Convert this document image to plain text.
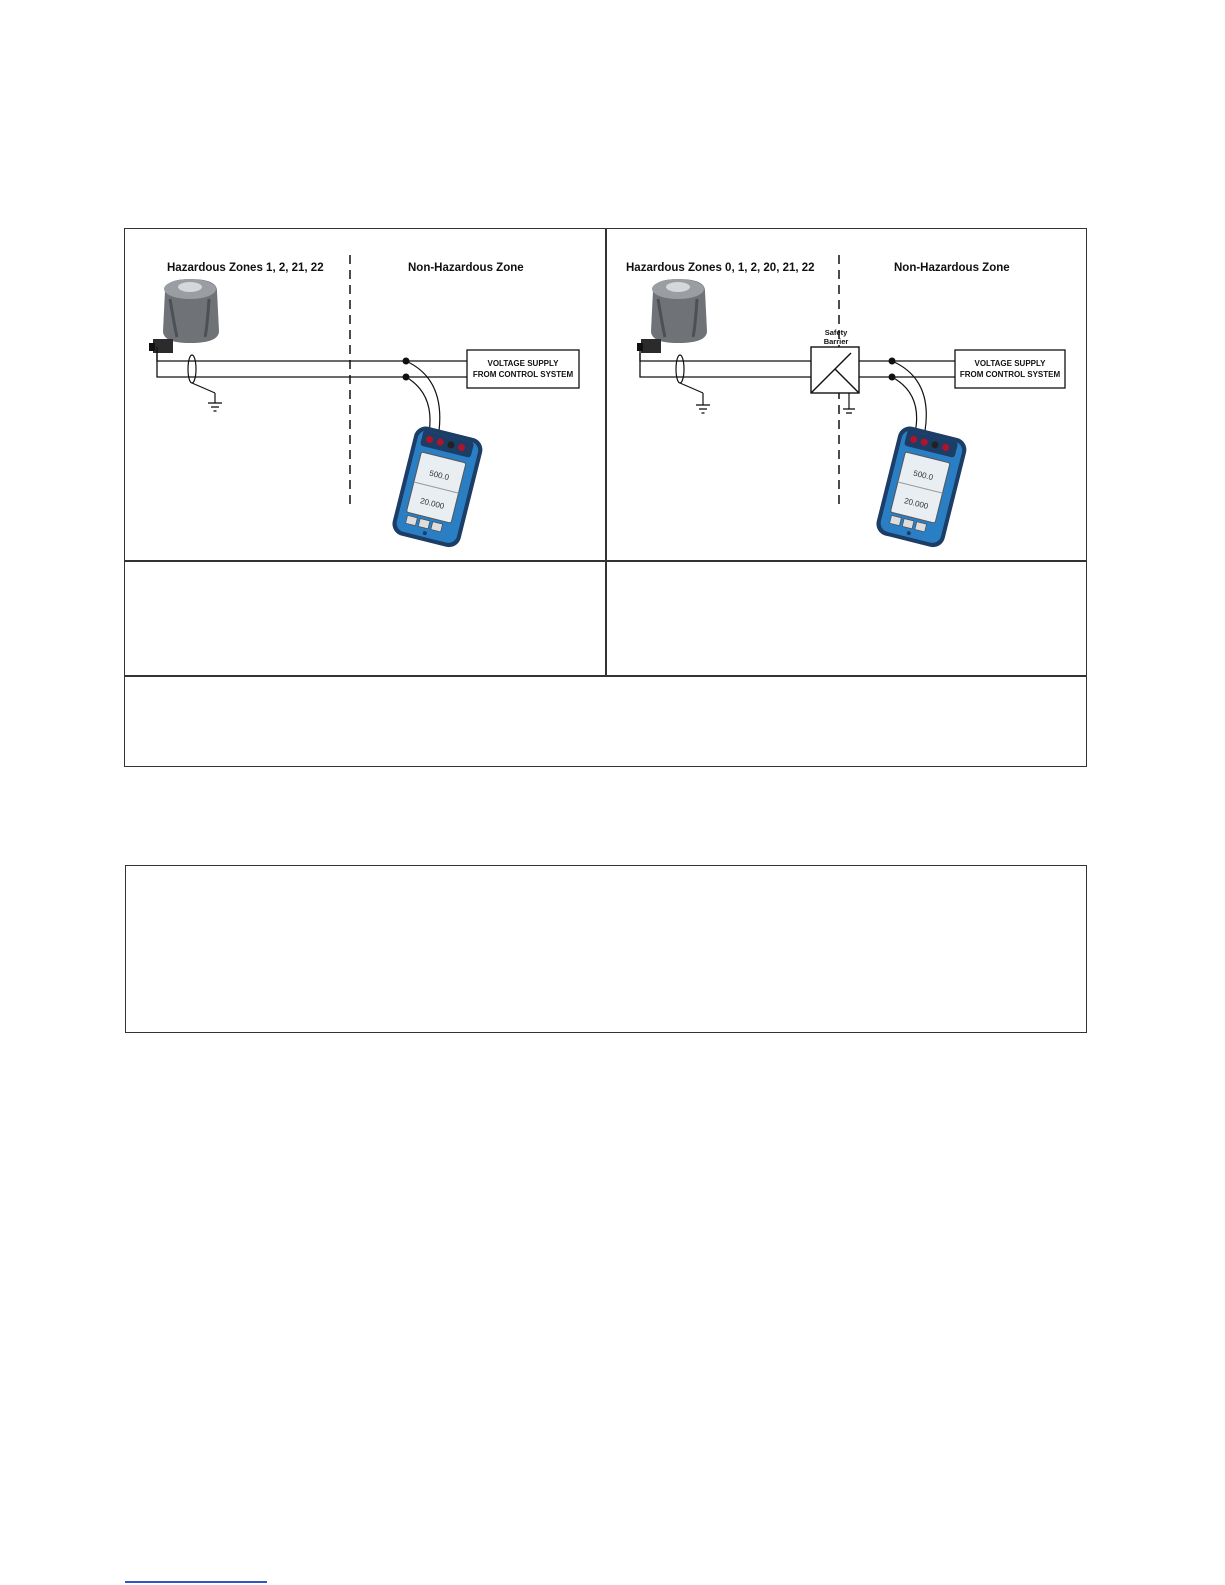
Hazardous Zones 1, 2, 21, 22	Non-Hazardous Zone
VOLTAGE SUPPLY
FROM CONTROL SYSTEM
500.0
20.000
Hazardous Zones 0, 1, 2, 20, 21, 22	Non-Hazardous Zone
Safety
Barrier
VOLTAGE SUPPLY
FROM CONTROL SYSTEM
500.0
20.000
